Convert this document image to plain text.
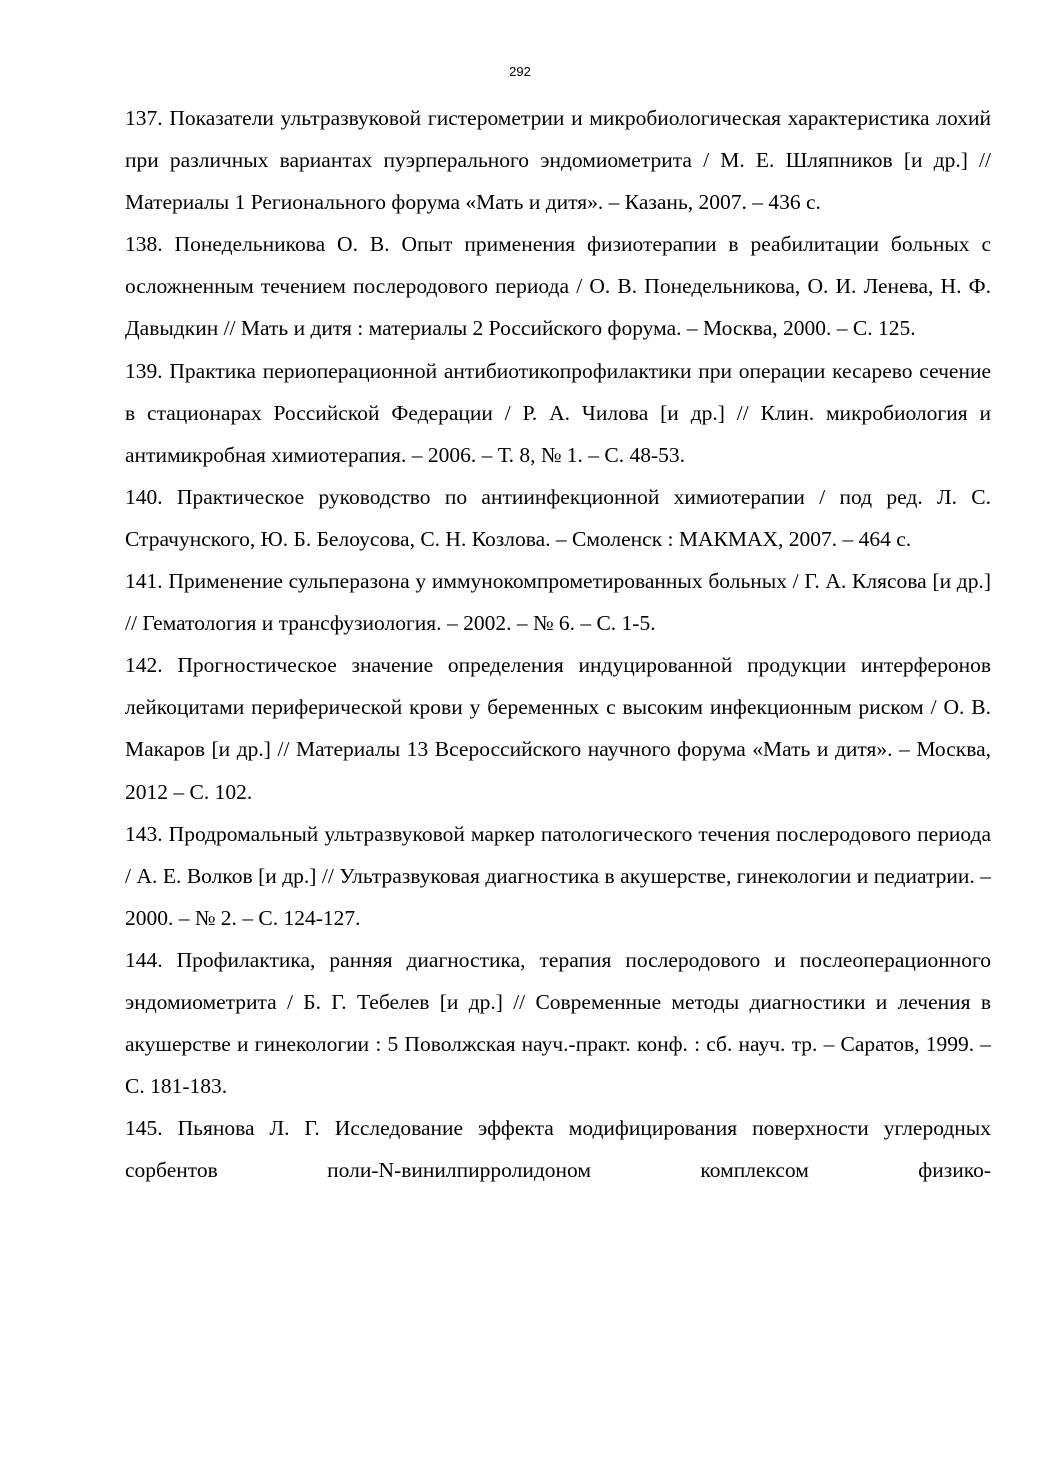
292

137. Показатели ультразвуковой гистерометрии и микробиологическая характеристика лохий при различных вариантах пуэрперального эндомиометрита / М. Е. Шляпников [и др.] // Материалы 1 Регионального форума «Мать и дитя». – Казань, 2007. – 436 с.

138. Понедельникова О. В. Опыт применения физиотерапии в реабилитации больных с осложненным течением послеродового периода / О. В. Понедельникова, О. И. Ленева, Н. Ф. Давыдкин // Мать и дитя : материалы 2 Российского форума. – Москва, 2000. – С. 125.

139. Практика периоперационной антибиотикопрофилактики при операции кесарево сечение в стационарах Российской Федерации / Р. А. Чилова [и др.] // Клин. микробиология и антимикробная химиотерапия. – 2006. – Т. 8, № 1. – С. 48-53.

140. Практическое руководство по антиинфекционной химиотерапии / под ред. Л. С. Страчунского, Ю. Б. Белоусова, С. Н. Козлова. – Смоленск : МАКМАХ, 2007. – 464 с.

141. Применение сульперазона у иммунокомпрометированных больных / Г. А. Клясова [и др.] // Гематология и трансфузиология. – 2002. – № 6. – С. 1-5.

142. Прогностическое значение определения индуцированной продукции интерферонов лейкоцитами периферической крови у беременных с высоким инфекционным риском / О. В. Макаров [и др.] // Материалы 13 Всероссийского научного форума «Мать и дитя». – Москва, 2012 – С. 102.

143. Продромальный ультразвуковой маркер патологического течения послеродового периода / А. Е. Волков [и др.] // Ультразвуковая диагностика в акушерстве, гинекологии и педиатрии. – 2000. – № 2. – С. 124-127.

144. Профилактика, ранняя диагностика, терапия послеродового и послеоперационного эндомиометрита / Б. Г. Тебелев [и др.] // Современные методы диагностики и лечения в акушерстве и гинекологии : 5 Поволжская науч.-практ. конф. : сб. науч. тр. – Саратов, 1999. – С. 181-183.

145. Пьянова Л. Г. Исследование эффекта модифицирования поверхности углеродных сорбентов поли-N-винилпирролидоном комплексом физико-
